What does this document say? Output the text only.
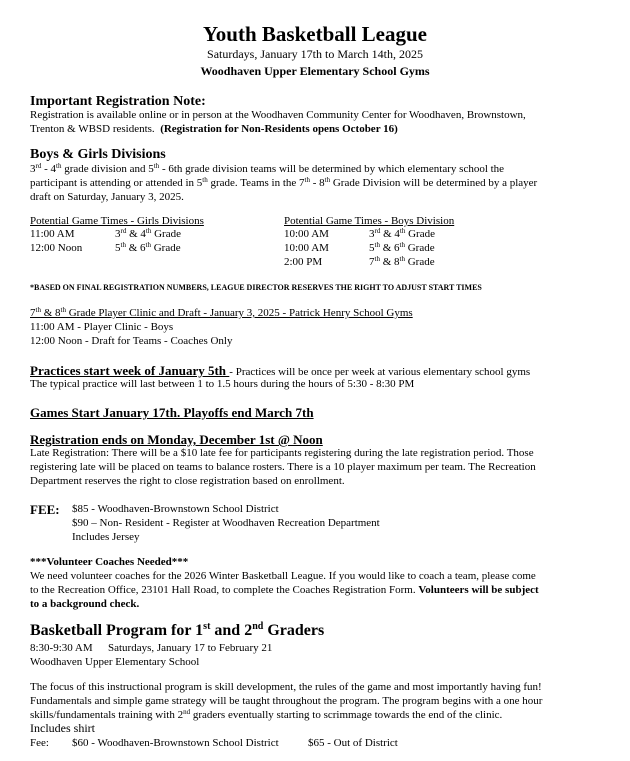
Youth Basketball League
Saturdays, January 17th to March 14th, 2025
Woodhaven Upper Elementary School Gyms
Important Registration Note:
Registration is available online or in person at the Woodhaven Community Center for Woodhaven, Brownstown,
Trenton & WBSD residents. (Registration for Non-Residents opens October 16)
Boys & Girls Divisions
3rd - 4th grade division and 5th - 6th grade division teams will be determined by which elementary school the
participant is attending or attended in 5th grade. Teams in the 7th - 8th Grade Division will be determined by a player
draft on Saturday, January 3, 2025.
Potential Game Times - Girls Divisions	Potential Game Times - Boys Division
11:00 AM	3rd & 4th Grade
12:00 Noon	5th & 6th Grade
10:00 AM	3rd & 4th Grade
10:00 AM	5th & 6th Grade
2:00 PM	7th & 8th Grade
*BASED ON FINAL REGISTRATION NUMBERS, LEAGUE DIRECTOR RESERVES THE RIGHT TO ADJUST START TIMES
7th & 8th Grade Player Clinic and Draft - January 3, 2025 - Patrick Henry School Gyms
11:00 AM - Player Clinic - Boys
12:00 Noon - Draft for Teams - Coaches Only
Practices start week of January 5th - Practices will be once per week at various elementary school gyms
The typical practice will last between 1 to 1.5 hours during the hours of 5:30 - 8:30 PM
Games Start January 17th. Playoffs end March 7th
Registration ends on Monday, December 1st @ Noon
Late Registration: There will be a $10 late fee for participants registering during the late registration period. Those
registering late will be placed on teams to balance rosters. There is a 10 player maximum per team. The Recreation
Department reserves the right to close registration based on enrollment.
FEE: $85 - Woodhaven-Brownstown School District
$90 – Non- Resident - Register at Woodhaven Recreation Department
Includes Jersey
***Volunteer Coaches Needed***
We need volunteer coaches for the 2026 Winter Basketball League. If you would like to coach a team, please come
to the Recreation Office, 23101 Hall Road, to complete the Coaches Registration Form. Volunteers will be subject
to a background check.
Basketball Program for 1st and 2nd Graders
8:30-9:30 AM Saturdays, January 17 to February 21
Woodhaven Upper Elementary School
The focus of this instructional program is skill development, the rules of the game and most importantly having fun!
Fundamentals and simple game strategy will be taught throughout the program. The program begins with a one hour
skills/fundamentals training with 2nd graders eventually starting to scrimmage towards the end of the clinic.
Includes shirt
Fee: $60 - Woodhaven-Brownstown School District	$65 - Out of District
